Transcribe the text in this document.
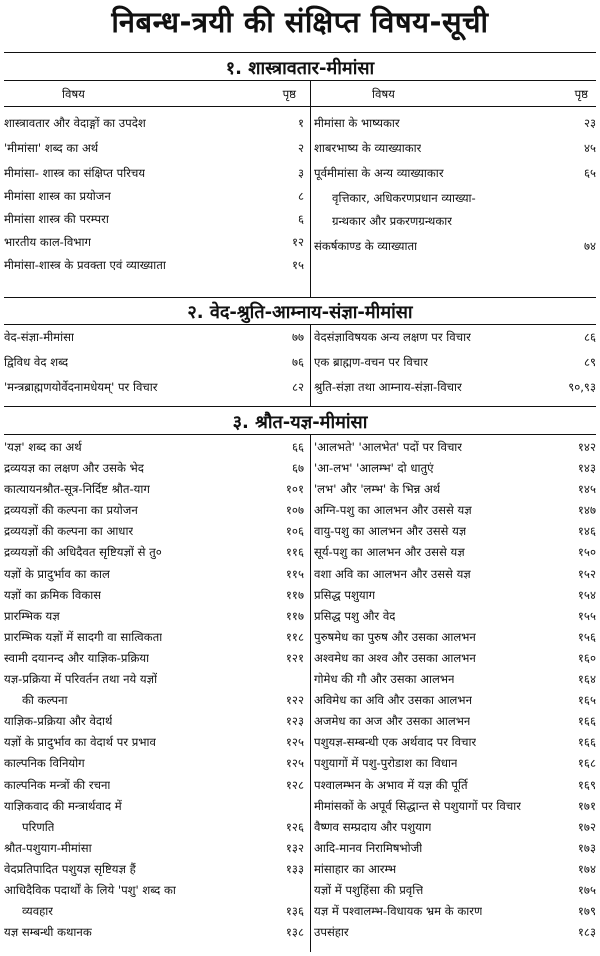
निबन्ध-त्रयी की संक्षिप्त विषय-सूची
१. शास्त्रावतार-मीमांसा
विषय	पृष्ठ	विषय	पृष्ठ
शास्त्रावतार और वेदाङ्गों का उपदेश	१
'मीमांसा' शब्द का अर्थ	२
मीमांसा- शास्त्र का संक्षिप्त परिचय	३
मीमांसा शास्त्र का प्रयोजन	८
मीमांसा शास्त्र की परम्परा	६
भारतीय काल-विभाग	१२
मीमांसा-शास्त्र के प्रवक्ता एवं व्याख्याता	१५
मीमांसा के भाष्यकार	२३
शाबरभाष्य के व्याख्याकार	४५
पूर्वमीमांसा के अन्य व्याख्याकार	६५
वृत्तिकार, अधिकरणप्रधान व्याख्या-
ग्रन्थकार और प्रकरणग्रन्थकार
संकर्षकाण्ड के व्याख्याता	७४
२. वेद-श्रुति-आम्नाय-संज्ञा-मीमांसा
वेद-संज्ञा-मीमांसा	७७
द्विविध वेद शब्द	७६
'मन्त्रब्राह्मणयोर्वेदनामधेयम्' पर विचार	८२
वेदसंज्ञाविषयक अन्य लक्षण पर विचार	८६
एक ब्राह्मण-वचन पर विचार	८९
श्रुति-संज्ञा तथा आम्नाय-संज्ञा-विचार	९०,९३
३. श्रौत-यज्ञ-मीमांसा
'यज्ञ' शब्द का अर्थ	६६
द्रव्ययज्ञ का लक्षण और उसके भेद	६७
कात्यायनश्रौत-सूत्र-निर्दिष्ट श्रौत-याग	१०१
द्रव्ययज्ञों की कल्पना का प्रयोजन	१०७
द्रव्ययज्ञों की कल्पना का आधार	१०६
द्रव्ययज्ञों की अधिदैवत सृष्टियज्ञों से तु०	११६
यज्ञों के प्रादुर्भाव का काल	११५
यज्ञों का क्रमिक विकास	११७
प्रारम्भिक यज्ञ	११७
प्रारम्भिक यज्ञों में सादगी वा सात्विकता	११८
स्वामी दयानन्द और याज्ञिक-प्रक्रिया	१२१
यज्ञ-प्रक्रिया में परिवर्तन तथा नये यज्ञों
की कल्पना	१२२
याज्ञिक-प्रक्रिया और वेदार्थ	१२३
यज्ञों के प्रादुर्भाव का वेदार्थ पर प्रभाव	१२५
काल्पनिक विनियोग	१२५
काल्पनिक मन्त्रों की रचना	१२८
याज्ञिकवाद की मन्त्रार्थवाद में
परिणति	१२६
श्रौत-पशुयाग-मीमांसा	१३२
वेदप्रतिपादित पशुयज्ञ सृष्टियज्ञ हैं	१३३
आधिदैविक पदार्थों के लिये 'पशु' शब्द का
व्यवहार	१३६
यज्ञ सम्बन्धी कथानक	१३८
'आलभते' 'आलभेत' पदों पर विचार	१४२
'आ-लभ' 'आलम्भ' दो धातुएं	१४३
'लभ' और 'लम्भ' के भिन्न अर्थ	१४५
अग्नि-पशु का आलभन और उससे यज्ञ	१४७
वायु-पशु का आलभन और उससे यज्ञ	१४६
सूर्य-पशु का आलभन और उससे यज्ञ	१५०
वशा अवि का आलभन और उससे यज्ञ	१५२
प्रसिद्ध पशुयाग	१५४
प्रसिद्ध पशु और वेद	१५५
पुरुषमेध का पुरुष और उसका आलभन	१५६
अश्वमेध का अश्व और उसका आलभन	१६०
गोमेध की गौ और उसका आलभन	१६४
अविमेध का अवि और उसका आलभन	१६५
अजमेध का अज और उसका आलभन	१६६
पशुयज्ञ-सम्बन्धी एक अर्थवाद पर विचार	१६६
पशुयागों में पशु-पुरोडाश का विधान	१६८
पश्वालम्भन के अभाव में यज्ञ की पूर्ति	१६९
मीमांसकों के अपूर्व सिद्धान्त से पशुयागों पर विचार	१७१
वैष्णव सम्प्रदाय और पशुयाग	१७२
आदि-मानव निरामिषभोजी	१७३
मांसाहार का आरम्भ	१७४
यज्ञों में पशुहिंसा की प्रवृत्ति	१७५
यज्ञ में पश्वालम्भ-विधायक भ्रम के कारण	१७९
उपसंहार	१८३
